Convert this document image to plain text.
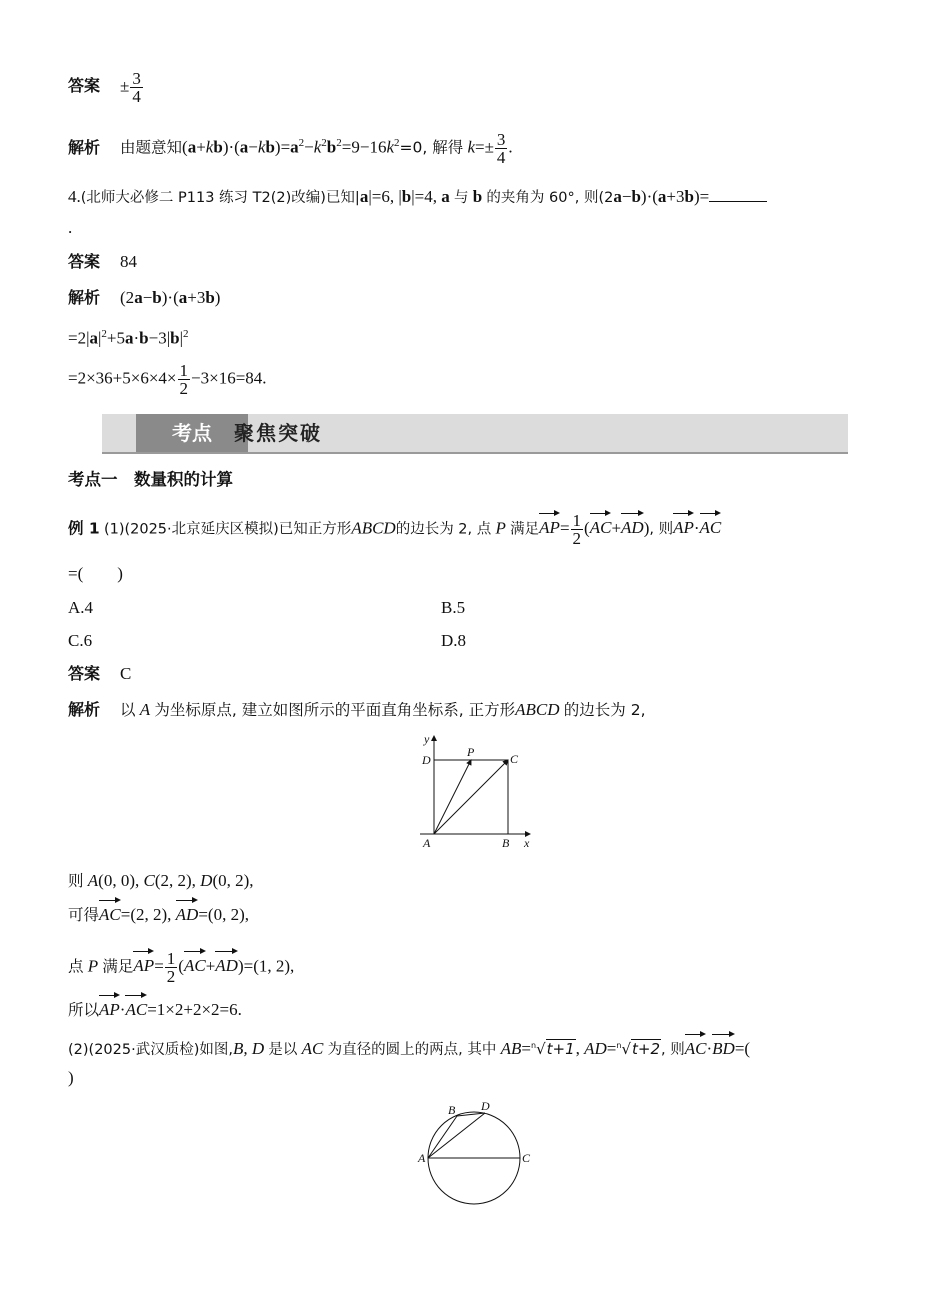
答案 ± $\frac{3}{4}$
解析 由题意知$(a+kb)\cdot(a-kb)=a^2-k^2b^2=9-16k^2=0$, 解得 $k=\pm \frac{3}{4}$ .
4.(北师大必修二 P113 练习 T2(2)改编)已知|a|=6, |b|=4, a 与 b 的夹角为 60°, 则(2a−b)·(a+3b)=
.
答案 84
解析 (2a−b)·(a+3b)
$=2|a|^2+5a\cdot b-3|b|^2$
$=2\times 36+5\times 6\times 4\times \frac{1}{2} -3\times 16=84$.
考点	聚焦突破
考点一　数量积的计算
例 1 (1)(2025·北京延庆区模拟)已知正方形ABCD的边长为 2, 点 P 满足$AP= \frac{1}{2} (AC+AD)$, 则AP·AC
=(　　)
A.4	B.5
C.6	D.8
答案 C
解析 以 A 为坐标原点, 建立如图所示的平面直角坐标系, 正方形ABCD 的边长为 2,
y
D
P	C
A	B x
则 A(0, 0), C(2, 2), D(0, 2),
可得AC=(2, 2), AD=(0, 2),
点 P 满足$AP= \frac{1}{2} (AC+AD)=(1$, 2),
所以AP·AC=1×2+2×2=6.
(2)(2025·武汉质检)如图,B, D 是以 AC 为直径的圆上的两点, 其中 AB=$^n$√t+1, AD=$^n$√t+2, 则AC·BD=(
)
B D
A	C
